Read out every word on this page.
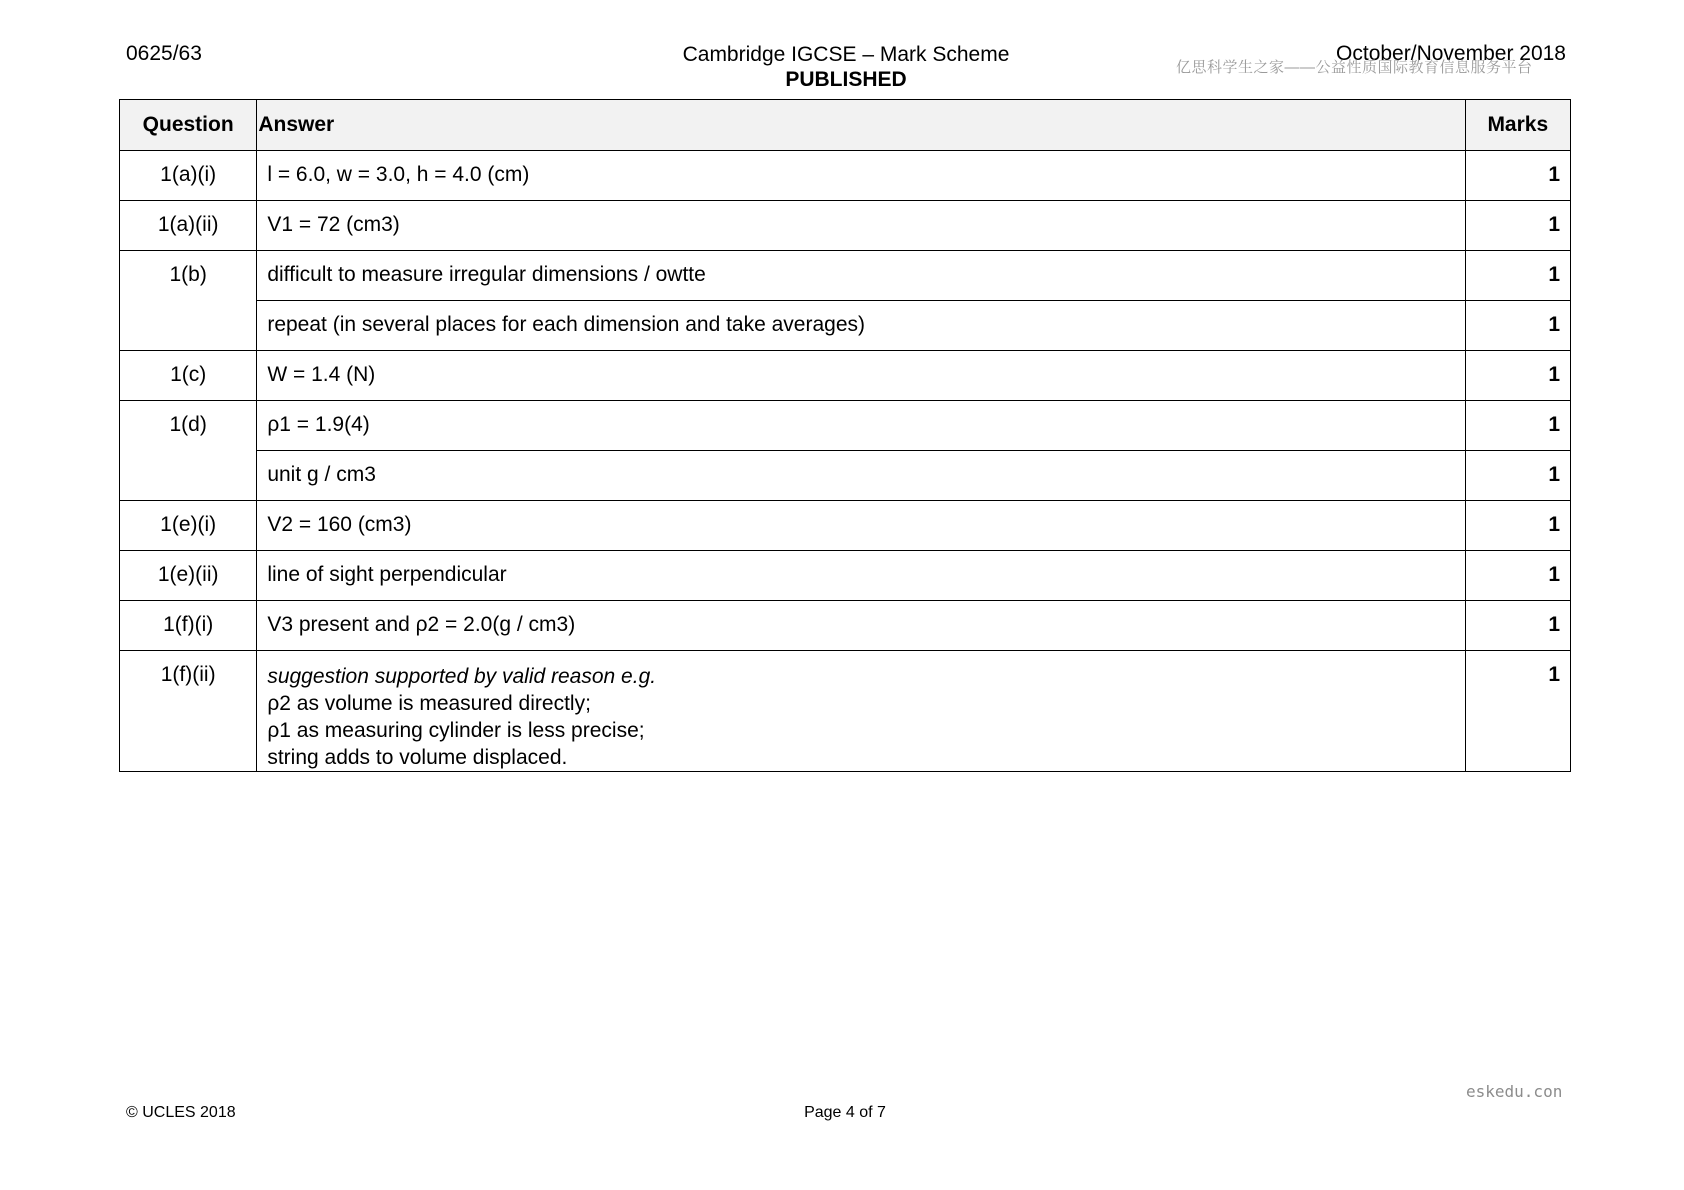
0625/63	Cambridge IGCSE – Mark Scheme
PUBLISHED
October/November 2018
亿思科学生之家——公益性质国际教育信息服务平台
Question	Answer	Marks
1(a)(i)	l = 6.0, w = 3.0, h = 4.0 (cm)	1
1(a)(ii)	V1 = 72 (cm3)	1
1(b)	difficult to measure irregular dimensions / owtte	1
	repeat (in several places for each dimension and take averages)	1
1(c)	W = 1.4 (N)	1
1(d)	ρ1 = 1.9(4)	1
	unit g / cm3	1
1(e)(i)	V2 = 160 (cm3)	1
1(e)(ii)	line of sight perpendicular	1
1(f)(i)	V3 present and ρ2 = 2.0(g / cm3)	1
1(f)(ii)	suggestion supported by valid reason e.g.
ρ2 as volume is measured directly;
ρ1 as measuring cylinder is less precise;
string adds to volume displaced.	1
eskedu.con
© UCLES 2018	Page 4 of 7
